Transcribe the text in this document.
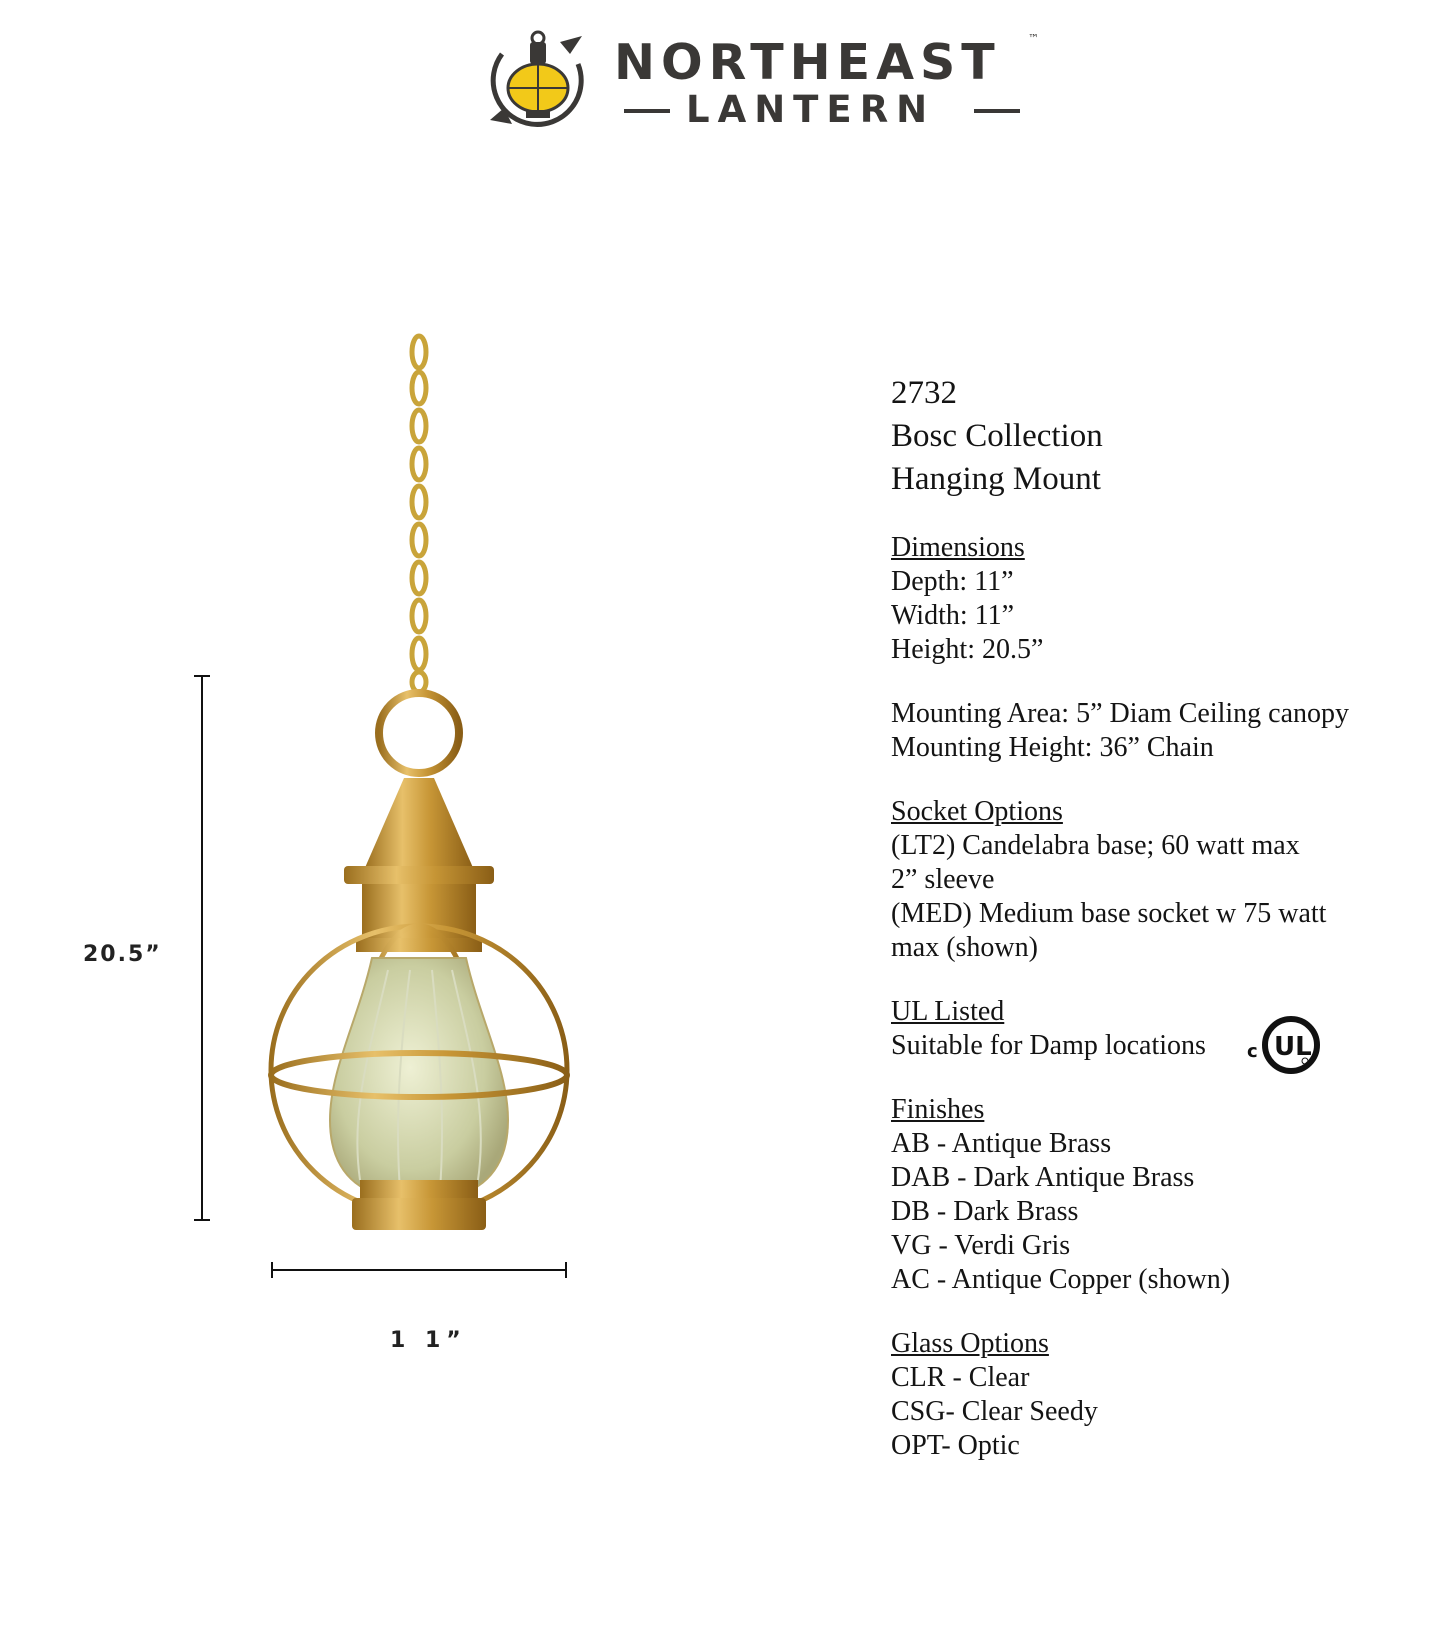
NORTHEAST ™
LANTERN
20.5”
1 1”
2732
Bosc Collection
Hanging Mount
Dimensions
Depth: 11”
Width: 11”
Height: 20.5”
Mounting Area: 5” Diam Ceiling canopy
Mounting Height: 36” Chain
Socket Options
(LT2) Candelabra base; 60 watt max
2” sleeve
(MED) Medium base socket w 75 watt
max (shown)
UL Listed
Suitable for Damp locations
Finishes
AB - Antique Brass
DAB - Dark Antique Brass
DB - Dark Brass
VG - Verdi Gris
AC - Antique Copper (shown)
Glass Options
CLR - Clear
CSG- Clear Seedy
OPT- Optic
c UL
